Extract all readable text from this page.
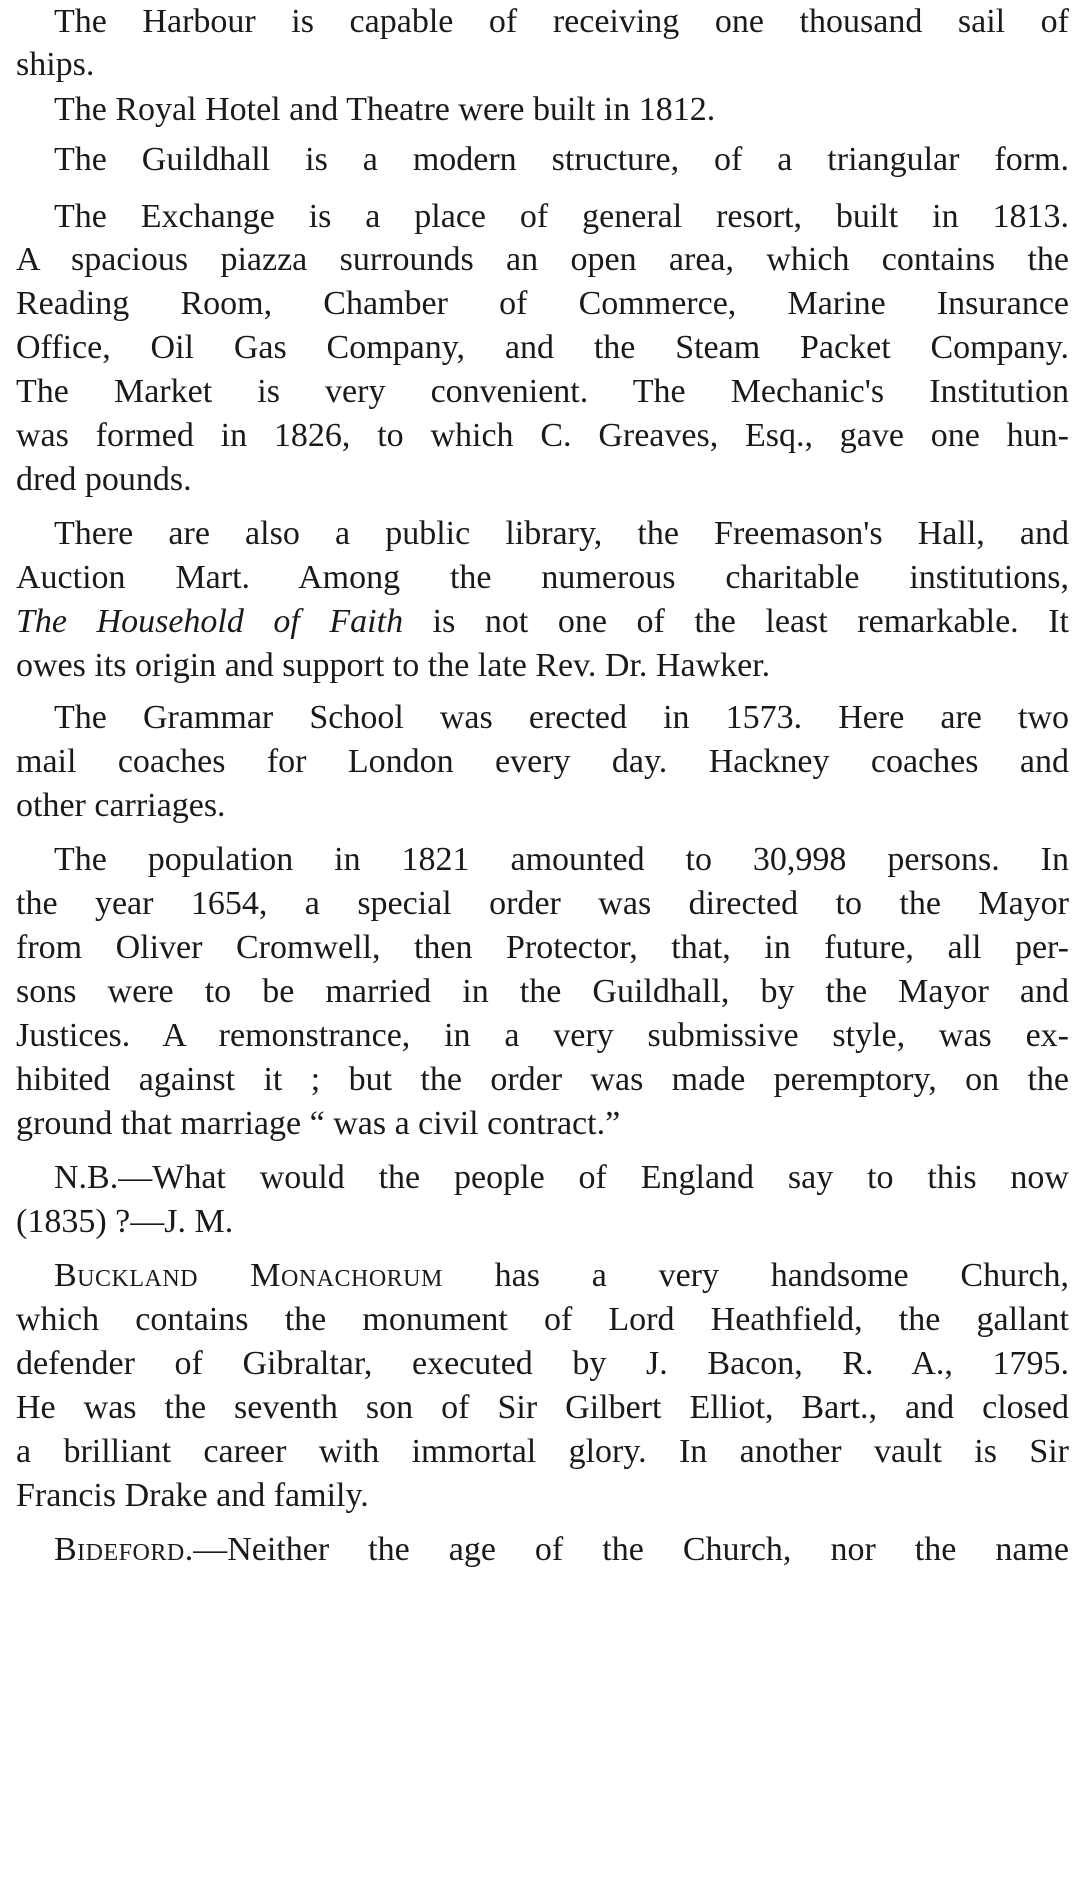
The Harbour is capable of receiving one thousand sail of
ships.
The Royal Hotel and Theatre were built in 1812.
The Guildhall is a modern structure, of a triangular form.
The Exchange is a place of general resort, built in 1813.
A spacious piazza surrounds an open area, which contains the
Reading Room, Chamber of Commerce, Marine Insurance
Office, Oil Gas Company, and the Steam Packet Company.
The Market is very convenient. The Mechanic's Institution
was formed in 1826, to which C. Greaves, Esq., gave one hun-
dred pounds.
There are also a public library, the Freemason's Hall, and
Auction Mart. Among the numerous charitable institutions,
The Household of Faith is not one of the least remarkable. It
owes its origin and support to the late Rev. Dr. Hawker.
The Grammar School was erected in 1573. Here are two
mail coaches for London every day. Hackney coaches and
other carriages.
The population in 1821 amounted to 30,998 persons. In
the year 1654, a special order was directed to the Mayor
from Oliver Cromwell, then Protector, that, in future, all per-
sons were to be married in the Guildhall, by the Mayor and
Justices. A remonstrance, in a very submissive style, was ex-
hibited against it ; but the order was made peremptory, on the
ground that marriage “ was a civil contract.”
N.B.—What would the people of England say to this now
(1835) ?—J. M.
Buckland Monachorum has a very handsome Church,
which contains the monument of Lord Heathfield, the gallant
defender of Gibraltar, executed by J. Bacon, R. A., 1795.
He was the seventh son of Sir Gilbert Elliot, Bart., and closed
a brilliant career with immortal glory. In another vault is Sir
Francis Drake and family.
Bideford.—Neither the age of the Church, nor the name
